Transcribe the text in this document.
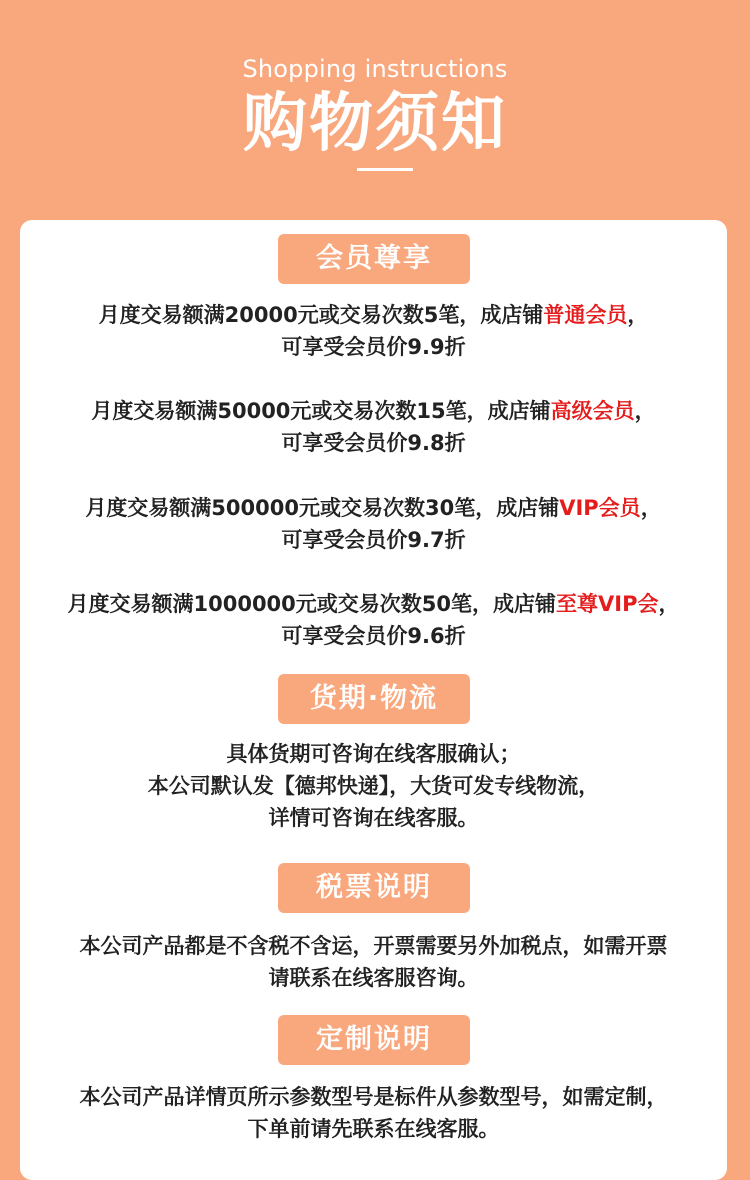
Shopping instructions
购物须知
会员尊享
月度交易额满20000元或交易次数5笔，成店铺普通会员，
可享受会员价9.9折
月度交易额满50000元或交易次数15笔，成店铺高级会员，
可享受会员价9.8折
月度交易额满500000元或交易次数30笔，成店铺VIP会员，
可享受会员价9.7折
月度交易额满1000000元或交易次数50笔，成店铺至尊VIP会，
可享受会员价9.6折
货期·物流
具体货期可咨询在线客服确认；
本公司默认发【德邦快递】，大货可发专线物流，
详情可咨询在线客服。
税票说明
本公司产品都是不含税不含运，开票需要另外加税点，如需开票
请联系在线客服咨询。
定制说明
本公司产品详情页所示参数型号是标件从参数型号，如需定制，
下单前请先联系在线客服。
